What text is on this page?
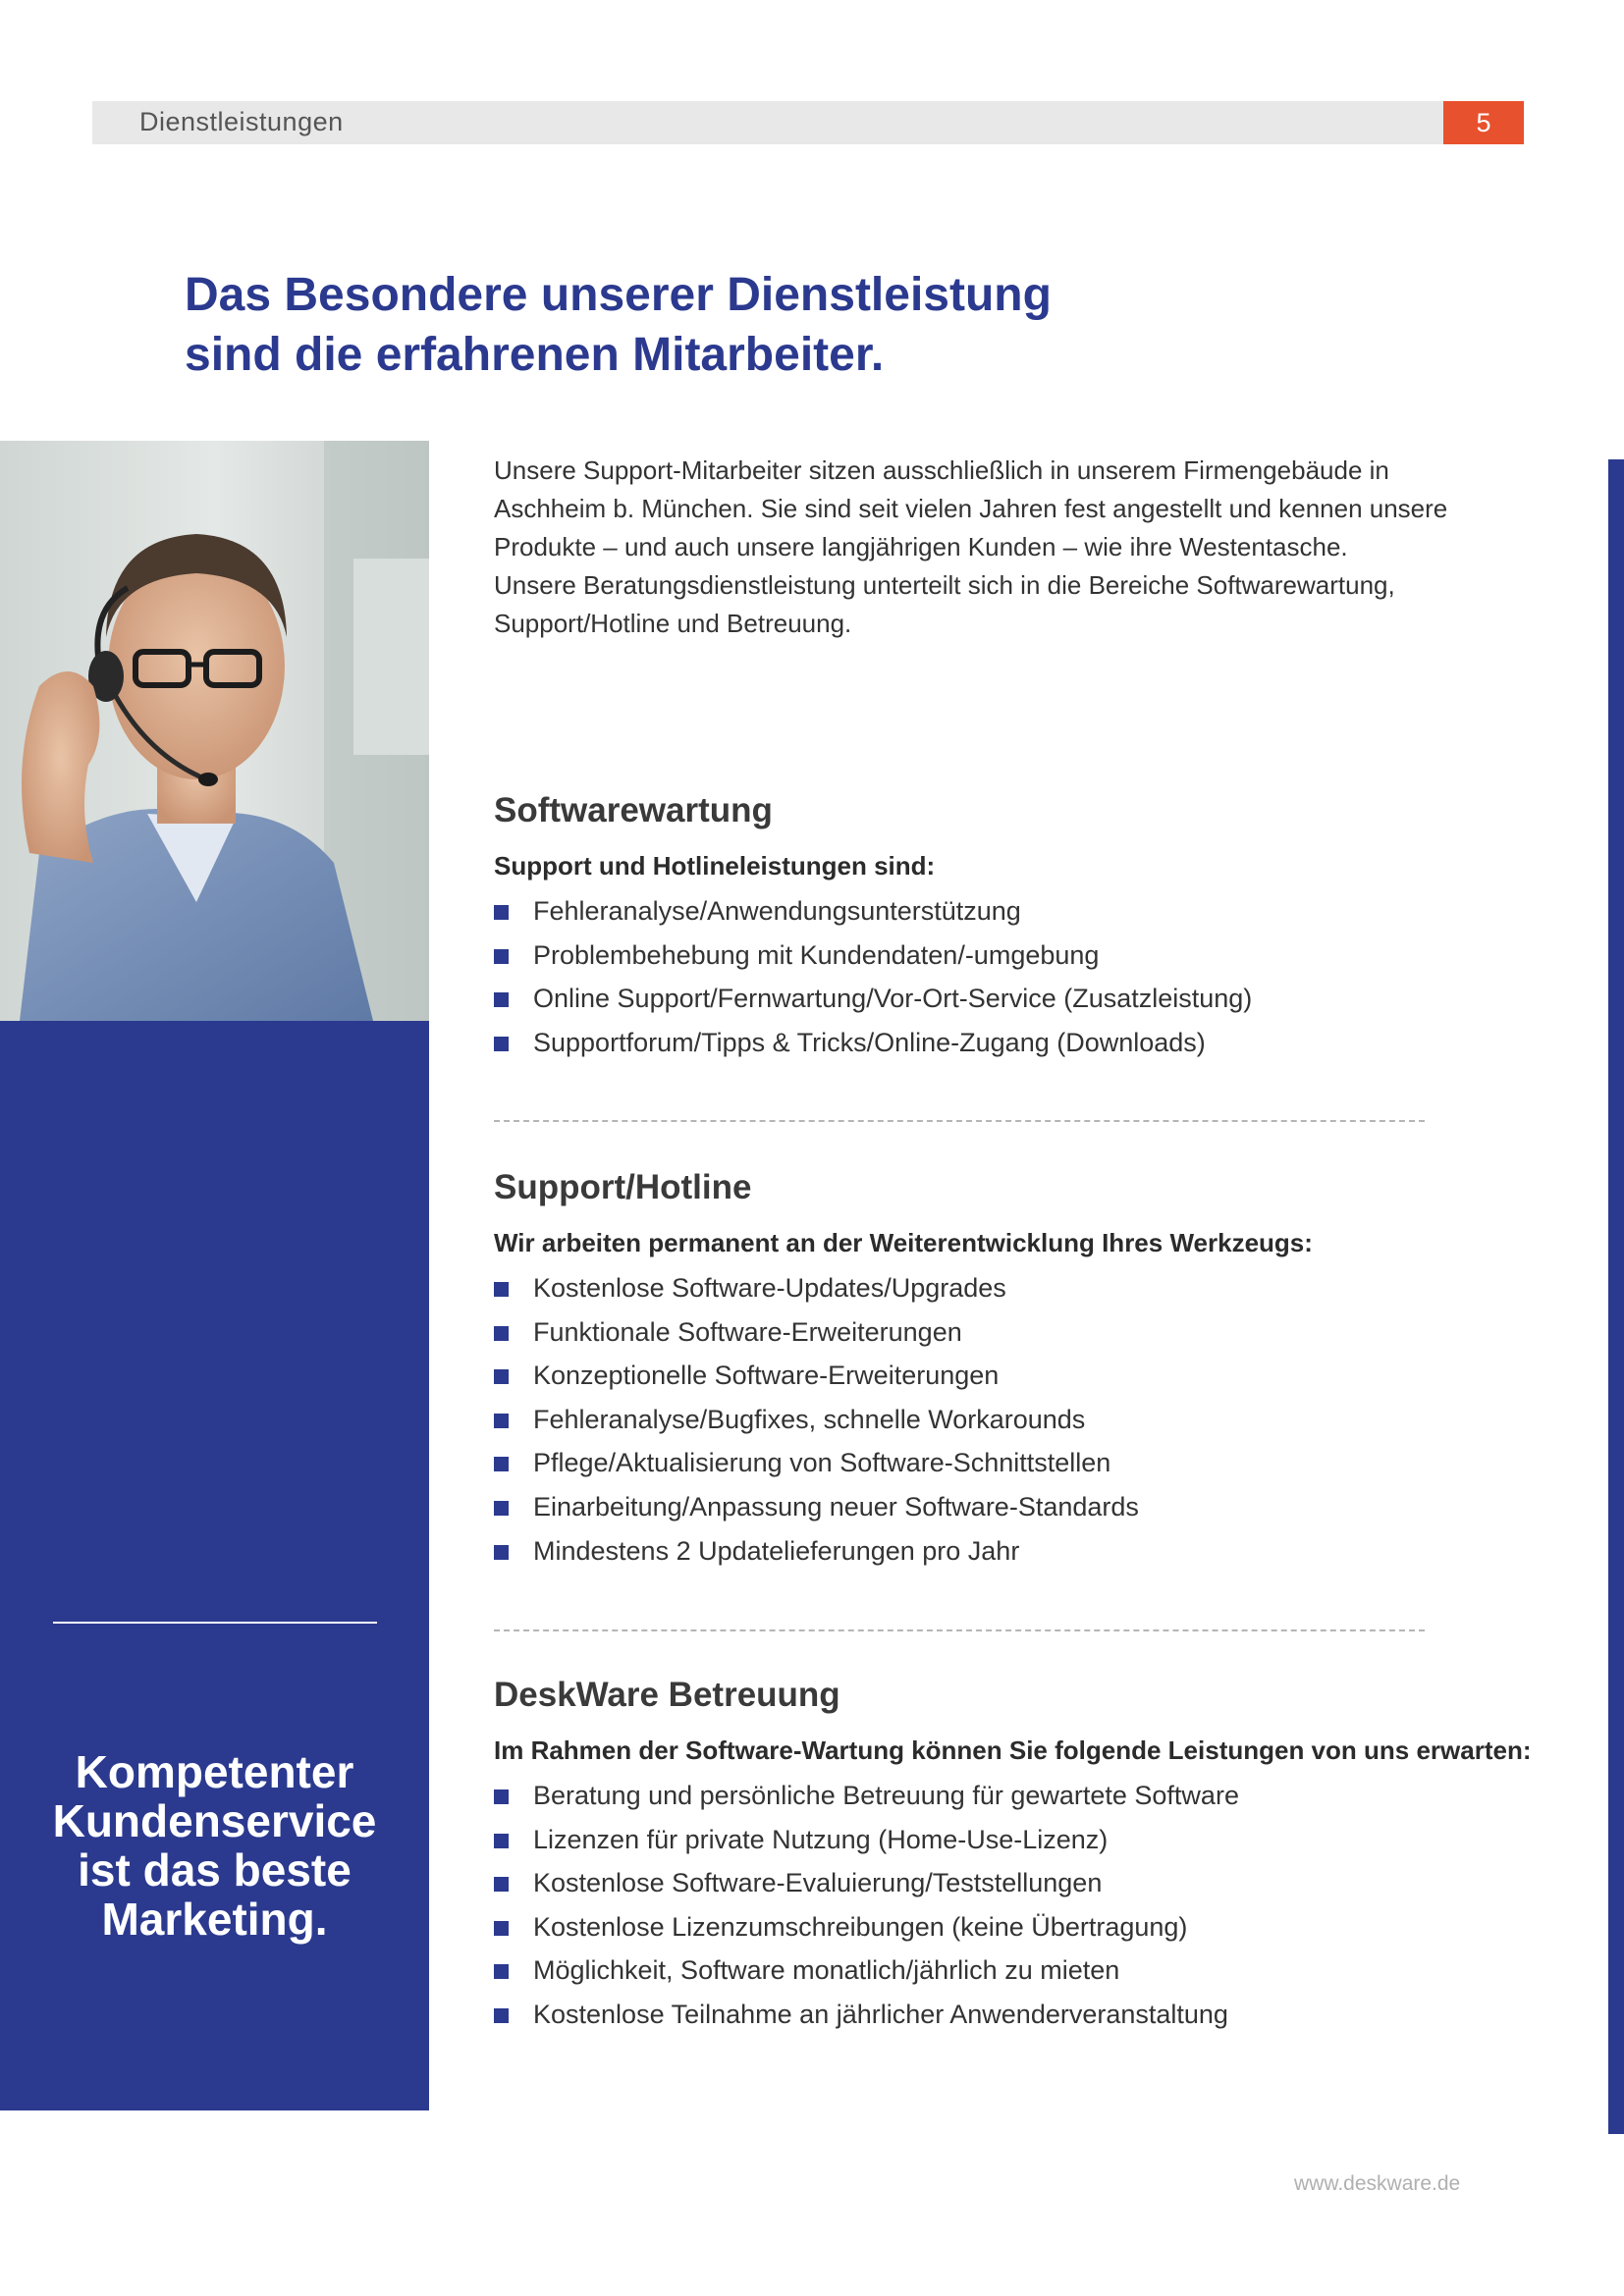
Dienstleistungen	5
Das Besondere unserer Dienstleistung
sind die erfahrenen Mitarbeiter.
Kompetenter
Kundenservice
ist das beste
Marketing.
Unsere Support-Mitarbeiter sitzen ausschließlich in unserem Firmengebäude in
Aschheim b. München. Sie sind seit vielen Jahren fest angestellt und kennen unsere
Produkte – und auch unsere langjährigen Kunden – wie ihre Westentasche.
Unsere Beratungsdienstleistung unterteilt sich in die Bereiche Softwarewartung,
Support/Hotline und Betreuung.
Softwarewartung
Support und Hotlineleistungen sind:
Fehleranalyse/Anwendungsunterstützung
Problembehebung mit Kundendaten/-umgebung
Online Support/Fernwartung/Vor-Ort-Service (Zusatzleistung)
Supportforum/Tipps & Tricks/Online-Zugang (Downloads)
Support/Hotline
Wir arbeiten permanent an der Weiterentwicklung Ihres Werkzeugs:
Kostenlose Software-Updates/Upgrades
Funktionale Software-Erweiterungen
Konzeptionelle Software-Erweiterungen
Fehleranalyse/Bugfixes, schnelle Workarounds
Pflege/Aktualisierung von Software-Schnittstellen
Einarbeitung/Anpassung neuer Software-Standards
Mindestens 2 Updatelieferungen pro Jahr
DeskWare Betreuung
Im Rahmen der Software-Wartung können Sie folgende Leistungen von uns erwarten:
Beratung und persönliche Betreuung für gewartete Software
Lizenzen für private Nutzung (Home-Use-Lizenz)
Kostenlose Software-Evaluierung/Teststellungen
Kostenlose Lizenzumschreibungen (keine Übertragung)
Möglichkeit, Software monatlich/jährlich zu mieten
Kostenlose Teilnahme an jährlicher Anwenderveranstaltung
www.deskware.de
